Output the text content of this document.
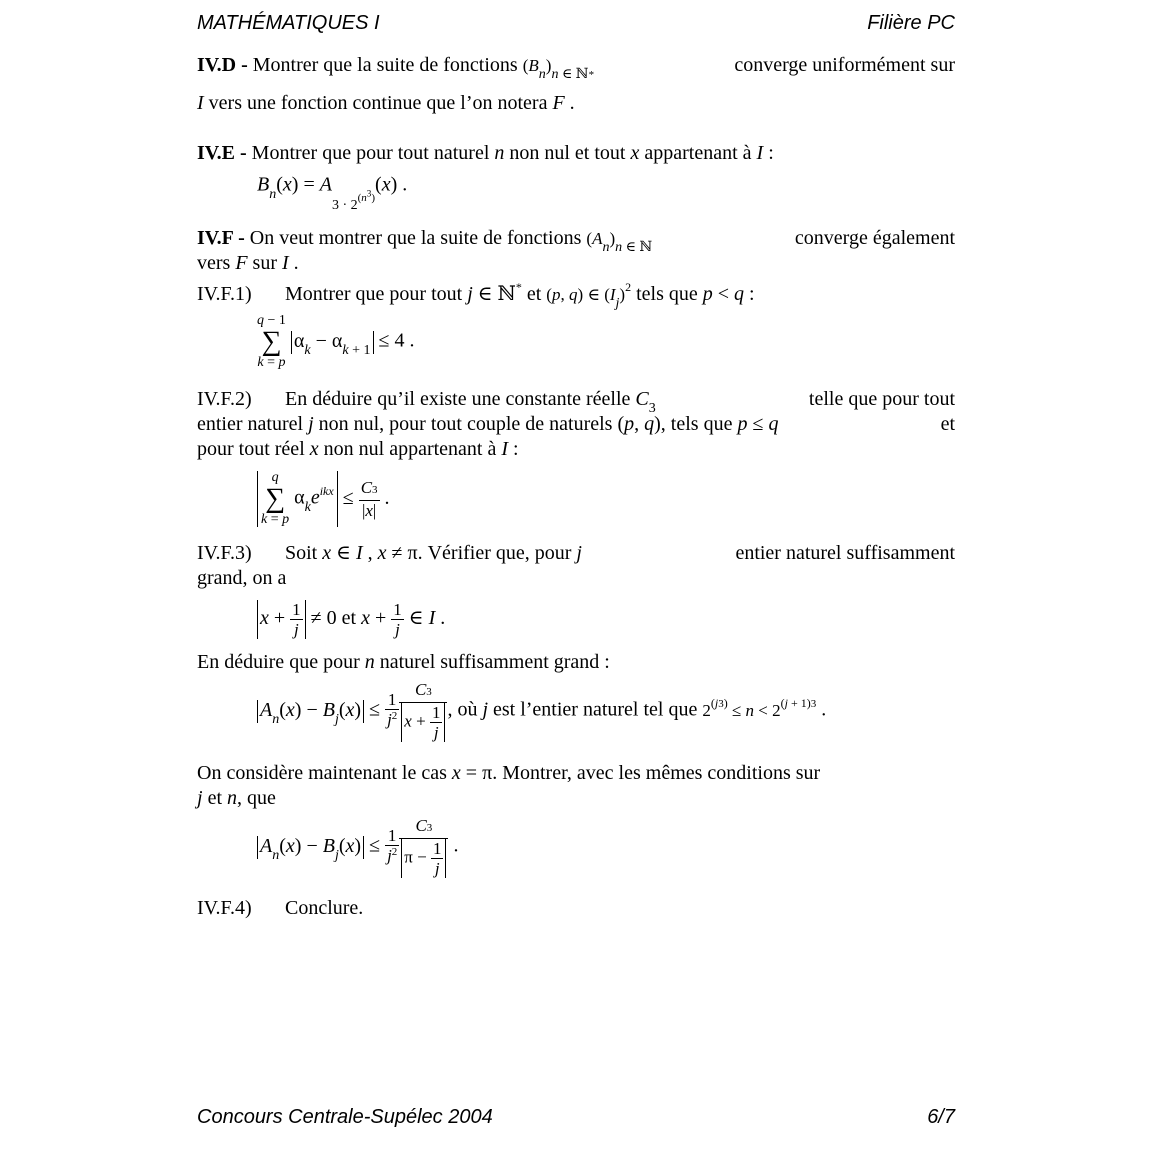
MATHÉMATIQUES I	Filière PC
IV.D - Montrer que la suite de fonctions $(B_n)_{n \in ℕ*}$	converge uniformément sur
I vers une fonction continue que l’on notera F .
IV.E - Montrer que pour tout naturel n non nul et tout x appartenant à I :
$B_n(x) = A_{3 \cdot 2^{(n^3)}}(x)$ .
IV.F - On veut montrer que la suite de fonctions $(A_n)_{n \in ℕ}$	converge également
vers F sur I .
IV.F.1) Montrer que pour tout j ∈ ℕ* et (p, q) ∈ $(I_j)^2$ tels que p < q :
q − 1
∑
k = p
$\alpha_k - \alpha_{k + 1} \le 4$ .
IV.F.2) En déduire qu’il existe une constante réelle $C_3$	telle que pour tout
entier naturel j non nul, pour tout couple de naturels (p, q), tels que p ≤ q	et
pour tout réel x non nul appartenant à I :
q
∑
k = p
$\alpha_ke^{ikx} \le \frac{C3}{|x|}$ .
IV.F.3) Soit x ∈ I , x ≠ π. Vérifier que, pour j	entier naturel suffisamment
grand, on a
$x + \frac{1}{j} \ne 0$ et $x + \frac{1}{j}$ ∈ I .
En déduire que pour n naturel suffisamment grand :
$A_n(x) - B_j(x) \le \frac{1}{j^2} \frac{C3}{x + \frac{1}{j}}$ , où j est l’entier naturel tel que $2^{(j3)} \le n < 2^{(j + 1)3}$ .
On considère maintenant le cas x = π. Montrer, avec les mêmes conditions sur
j et n, que
$A_n(x) - B_j(x) \le \frac{1}{j^2} \frac{C3}{\pi - \frac{1}{j}}$ .
IV.F.4) Conclure.
Concours Centrale-Supélec 2004	6/7
